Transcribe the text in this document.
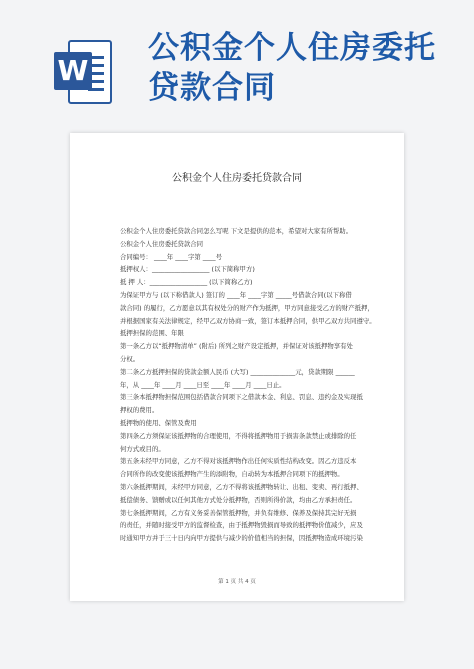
W
公积金个人住房委托贷款合同
公积金个人住房委托贷款合同
公积金个人住房委托贷款合同怎么写呢 下文是提供的范本，希望对大家有所帮助。
公积金个人住房委托贷款合同
合同编号： ____年 ____字第 ____号
抵押权人：__________________ (以下简称甲方)
抵 押 人：__________________ (以下简称乙方)
为保证甲方与 (以下称借款人) 签订的 ____年 ____字第 _____号借款合同(以下称借
款合同) 的履行，乙方愿意以其有权处分的财产作为抵押，甲方同意接受乙方的财产抵押，
并根据国家有关法律规定，经甲乙双方协商一致，签订本抵押合同，供甲乙双方共同遵守。
抵押担保的范围、年限
第一条乙方以“抵押物清单” (附后) 所列之财产设定抵押，并保证对该抵押物享有处
分权。
第二条乙方抵押担保的贷款金额人民币 (大写) ______________元，贷款期限 ______
年，从 ____年 ____月 ____日至 ____年 ____月 ____日止。
第三条本抵押物担保范围包括借款合同项下之借款本金、利息、罚息、违约金及实现抵
押权的费用。
抵押物的使用、保管及费用
第四条乙方须保证该抵押物的合理使用，不得将抵押物用于损害条款禁止或排除的任
何方式或目的。
第五条未经甲方同意，乙方不得对该抵押物作出任何实质性结构改变。因乙方违反本
合同所作的改变使该抵押物产生的添附物，自动转为本抵押合同项下的抵押物。
第六条抵押期间，未经甲方同意，乙方不得将该抵押物转让、出租、变卖、再行抵押、
抵偿债务、馈赠或以任何其他方式处分抵押物，否则所得价款，均由乙方承担责任。
第七条抵押期间，乙方有义务妥善保管抵押物，并负有维修、保养及保持其完好无损
的责任，并随时接受甲方的监督检查，由于抵押物毁损而导致的抵押物价值减少，应及
时通知甲方并于三十日内向甲方提供与减少的价值相当的担保，因抵押物造成环境污染
第 1 页 共 4 页
